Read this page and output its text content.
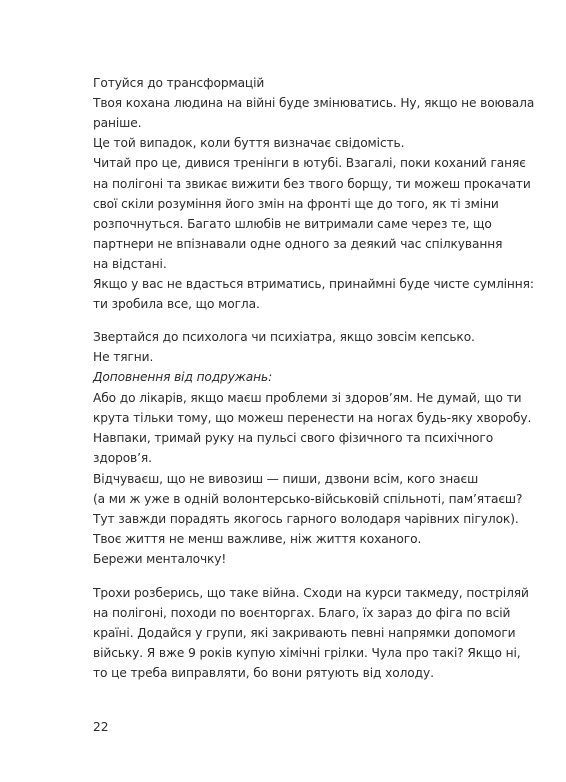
Готуйся до трансформацій

Твоя кохана людина на війні буде змінюватись. Ну, якщо не воювала

раніше.

Це той випадок, коли буття визначає свідомість.

Читай про це, дивися тренінги в ютубі. Взагалі, поки коханий ганяє

на полігоні та звикає вижити без твого борщу, ти можеш прокачати

свої скіли розуміння його змін на фронті ще до того, як ті зміни

розпочнуться. Багато шлюбів не витримали саме через те, що

партнери не впізнавали одне одного за деякий час спілкування

на відстані.

Якщо у вас не вдасться втриматись, принаймні буде чисте сумління:

ти зробила все, що могла.

Звертайся до психолога чи психіатра, якщо зовсім кепсько.

Не тягни.

Доповнення від подружань:

Або до лікарів, якщо маєш проблеми зі здоров’ям. Не думай, що ти

крута тільки тому, що можеш перенести на ногах будь-яку хворобу.

Навпаки, тримай руку на пульсі свого фізичного та психічного

здоров’я.

Відчуваєш, що не вивозиш — пиши, дзвони всім, кого знаєш

(а ми ж уже в одній волонтерсько-військовій спільноті, пам’ятаєш?

Тут завжди порадять якогось гарного володаря чарівних пігулок).

Твоє життя не менш важливе, ніж життя коханого.

Бережи менталочку!

Трохи розберись, що таке війна. Сходи на курси такмеду, постріляй

на полігоні, походи по воєнторгах. Благо, їх зараз до фіга по всій

країні. Додайся у групи, які закривають певні напрямки допомоги

війську. Я вже 9 років купую хімічні грілки. Чула про такі? Якщо ні,

то це треба виправляти, бо вони рятують від холоду.

22
